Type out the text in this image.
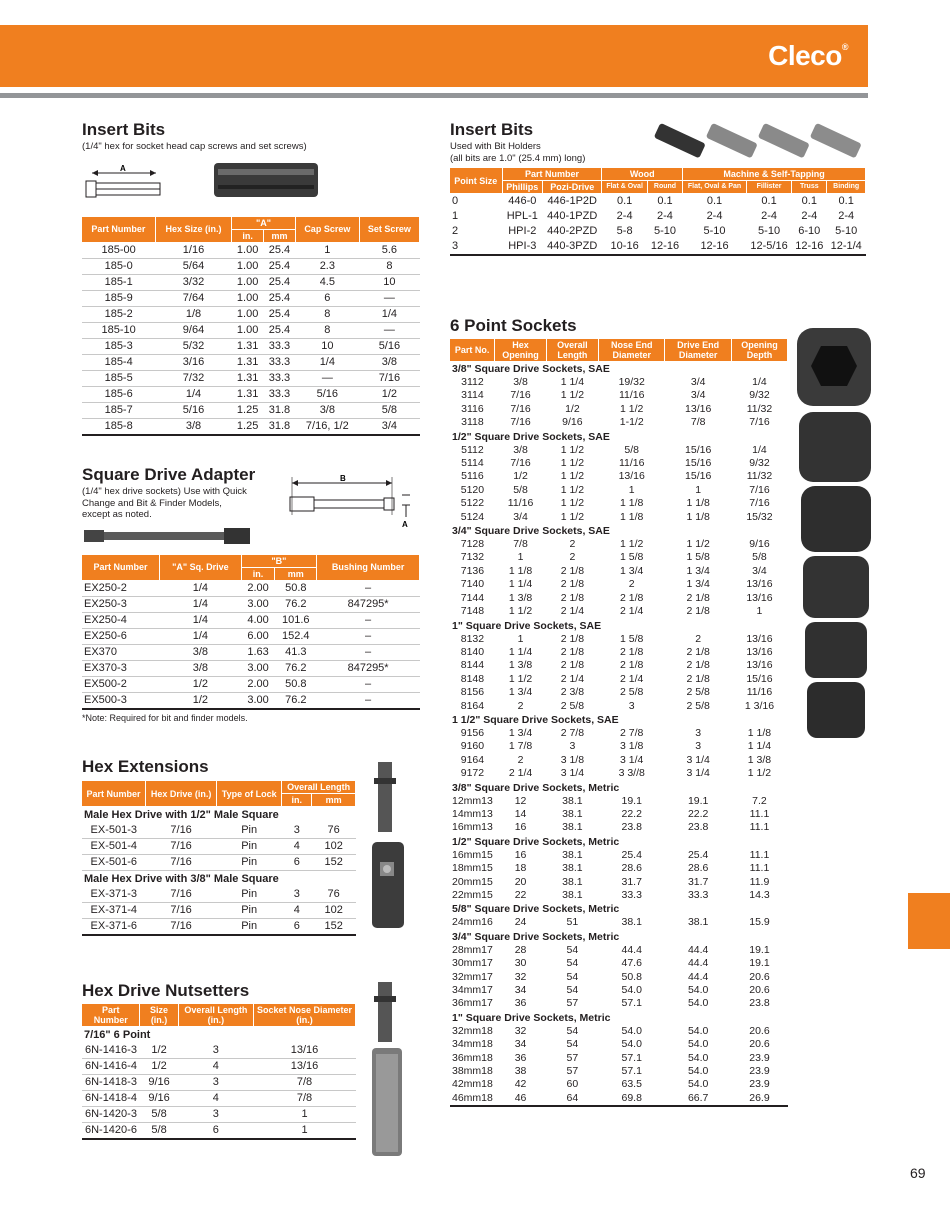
Cleco®
Insert Bits
(1/4" hex for socket head cap screws and set screws)
A
Part Number	Hex Size (in.)	"A"		Cap Screw	Set Screw
		in.	mm		
185-00	1/16	1.00	25.4	1	5.6
185-0	5/64	1.00	25.4	2.3	8
185-1	3/32	1.00	25.4	4.5	10
185-9	7/64	1.00	25.4	6	—
185-2	1/8	1.00	25.4	8	1/4
185-10	9/64	1.00	25.4	8	—
185-3	5/32	1.31	33.3	10	5/16
185-4	3/16	1.31	33.3	1/4	3/8
185-5	7/32	1.31	33.3	—	7/16
185-6	1/4	1.31	33.3	5/16	1/2
185-7	5/16	1.25	31.8	3/8	5/8
185-8	3/8	1.25	31.8	7/16, 1/2	3/4
Square Drive Adapter
(1/4" hex drive sockets) Use with Quick Change and Bit & Finder Models, except as noted.
B
A
Part Number	"A" Sq. Drive	"B"		Bushing Number
		in.	mm	
EX250-2	1/4	2.00	50.8	–
EX250-3	1/4	3.00	76.2	847295*
EX250-4	1/4	4.00	101.6	–
EX250-6	1/4	6.00	152.4	–
EX370	3/8	1.63	41.3	–
EX370-3	3/8	3.00	76.2	847295*
EX500-2	1/2	2.00	50.8	–
EX500-3	1/2	3.00	76.2	–
*Note: Required for bit and finder models.
Hex Extensions
Part Number	Hex Drive (in.)	Type of Lock	Overall Length	
			in.	mm
Male Hex Drive with 1/2" Male Square				
EX-501-3	7/16	Pin	3	76
EX-501-4	7/16	Pin	4	102
EX-501-6	7/16	Pin	6	152
Male Hex Drive with 3/8" Male Square				
EX-371-3	7/16	Pin	3	76
EX-371-4	7/16	Pin	4	102
EX-371-6	7/16	Pin	6	152
Hex Drive Nutsetters
Part Number	Size (in.)	Overall Length (in.)	Socket Nose Diameter (in.)
7/16" 6 Point			
6N-1416-3	1/2	3	13/16
6N-1416-4	1/2	4	13/16
6N-1418-3	9/16	3	7/8
6N-1418-4	9/16	4	7/8
6N-1420-3	5/8	3	1
6N-1420-6	5/8	6	1
Insert Bits
Used with Bit Holders
(all bits are 1.0" (25.4 mm) long)
Point Size	Part Number		Wood		Machine & Self-Tapping			
	Phillips	Pozi-Drive	Flat & Oval	Round	Flat, Oval & Pan	Fillister	Truss	Binding
0	446-0	446-1P2D	0.1	0.1	0.1	0.1	0.1	0.1
1	HPL-1	440-1PZD	2-4	2-4	2-4	2-4	2-4	2-4
2	HPI-2	440-2PZD	5-8	5-10	5-10	5-10	6-10	5-10
3	HPI-3	440-3PZD	10-16	12-16	12-16	12-5/16	12-16	12-1/4
6 Point Sockets
Part No.	Hex Opening	Overall Length	Nose End Diameter	Drive End Diameter	Opening Depth
3/8" Square Drive Sockets, SAE					
3112	3/8	1 1/4	19/32	3/4	1/4
3114	7/16	1 1/2	11/16	3/4	9/32
3116	7/16	1/2	1 1/2	13/16	11/32
3118	7/16	9/16	1-1/2	7/8	7/16
1/2" Square Drive Sockets, SAE					
5112	3/8	1 1/2	5/8	15/16	1/4
5114	7/16	1 1/2	11/16	15/16	9/32
5116	1/2	1 1/2	13/16	15/16	11/32
5120	5/8	1 1/2	1	1	7/16
5122	11/16	1 1/2	1 1/8	1 1/8	7/16
5124	3/4	1 1/2	1 1/8	1 1/8	15/32
3/4" Square Drive Sockets, SAE					
7128	7/8	2	1 1/2	1 1/2	9/16
7132	1	2	1 5/8	1 5/8	5/8
7136	1 1/8	2 1/8	1 3/4	1 3/4	3/4
7140	1 1/4	2 1/8	2	1 3/4	13/16
7144	1 3/8	2 1/8	2 1/8	2 1/8	13/16
7148	1 1/2	2 1/4	2 1/4	2 1/8	1
1" Square Drive Sockets, SAE					
8132	1	2 1/8	1 5/8	2	13/16
8140	1 1/4	2 1/8	2 1/8	2 1/8	13/16
8144	1 3/8	2 1/8	2 1/8	2 1/8	13/16
8148	1 1/2	2 1/4	2 1/4	2 1/8	15/16
8156	1 3/4	2 3/8	2 5/8	2 5/8	11/16
8164	2	2 5/8	3	2 5/8	1 3/16
1 1/2" Square Drive Sockets, SAE					
9156	1 3/4	2 7/8	2 7/8	3	1 1/8
9160	1 7/8	3	3 1/8	3	1 1/4
9164	2	3 1/8	3 1/4	3 1/4	1 3/8
9172	2 1/4	3 1/4	3 3//8	3 1/4	1 1/2
3/8" Square Drive Sockets, Metric					
12mm13	12	38.1	19.1	19.1	7.2
14mm13	14	38.1	22.2	22.2	11.1
16mm13	16	38.1	23.8	23.8	11.1
1/2" Square Drive Sockets, Metric					
16mm15	16	38.1	25.4	25.4	11.1
18mm15	18	38.1	28.6	28.6	11.1
20mm15	20	38.1	31.7	31.7	11.9
22mm15	22	38.1	33.3	33.3	14.3
5/8" Square Drive Sockets, Metric					
24mm16	24	51	38.1	38.1	15.9
3/4" Square Drive Sockets, Metric					
28mm17	28	54	44.4	44.4	19.1
30mm17	30	54	47.6	44.4	19.1
32mm17	32	54	50.8	44.4	20.6
34mm17	34	54	54.0	54.0	20.6
36mm17	36	57	57.1	54.0	23.8
1" Square Drive Sockets, Metric					
32mm18	32	54	54.0	54.0	20.6
34mm18	34	54	54.0	54.0	20.6
36mm18	36	57	57.1	54.0	23.9
38mm18	38	57	57.1	54.0	23.9
42mm18	42	60	63.5	54.0	23.9
46mm18	46	64	69.8	66.7	26.9
69
